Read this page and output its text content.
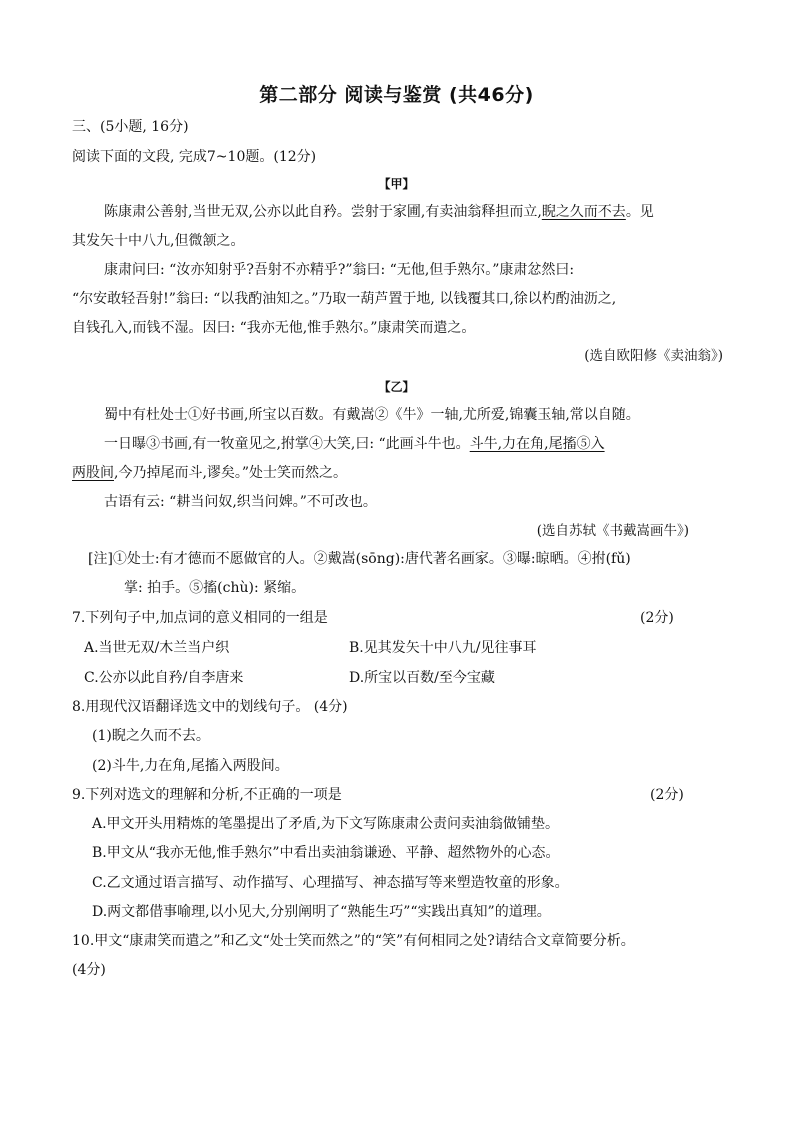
第二部分 阅读与鉴赏 (共46分)
三、(5小题, 16分)
阅读下面的文段, 完成7~10题。(12分)
【甲】
陈康肃公善射,当世无双,公亦以此自矜。尝射于家圃,有卖油翁释担而立,睨之久而不去。见
其发矢十中八九,但微颔之。
康肃问曰: “汝亦知射乎?吾射不亦精乎?”翁曰: “无他,但手熟尔。”康肃忿然曰:
“尔安敢轻吾射!”翁曰: “以我酌油知之。”乃取一葫芦置于地, 以钱覆其口,徐以杓酌油沥之,
自钱孔入,而钱不湿。因曰: “我亦无他,惟手熟尔。”康肃笑而遣之。
(选自欧阳修《卖油翁》)
【乙】
蜀中有杜处士①好书画,所宝以百数。有戴嵩②《牛》一轴,尤所爱,锦囊玉轴,常以自随。
一日曝③书画,有一牧童见之,拊掌④大笑,曰: “此画斗牛也。斗牛,力在角,尾搐⑤入
两股间,今乃掉尾而斗,谬矣。”处士笑而然之。
古语有云: “耕当问奴,织当问婢。”不可改也。
(选自苏轼《书戴嵩画牛》)
[注]①处士:有才德而不愿做官的人。②戴嵩(sōng):唐代著名画家。③曝:晾晒。④拊(fǔ)
掌: 拍手。⑤搐(chù): 紧缩。
7.下列句子中,加点词的意义相同的一组是	(2分)
A.当世无双/木兰当户织	B.见其发矢十中八九/见往事耳
C.公亦以此自矜/自李唐来	D.所宝以百数/至今宝藏
8.用现代汉语翻译选文中的划线句子。 (4分)
(1)睨之久而不去。
(2)斗牛,力在角,尾搐入两股间。
9.下列对选文的理解和分析,不正确的一项是	(2分)
A.甲文开头用精炼的笔墨提出了矛盾,为下文写陈康肃公责问卖油翁做铺垫。
B.甲文从“我亦无他,惟手熟尔”中看出卖油翁谦逊、平静、超然物外的心态。
C.乙文通过语言描写、动作描写、心理描写、神态描写等来塑造牧童的形象。
D.两文都借事喻理,以小见大,分别阐明了“熟能生巧”“实践出真知”的道理。
10.甲文“康肃笑而遣之”和乙文“处士笑而然之”的“笑”有何相同之处?请结合文章简要分析。
(4分)
